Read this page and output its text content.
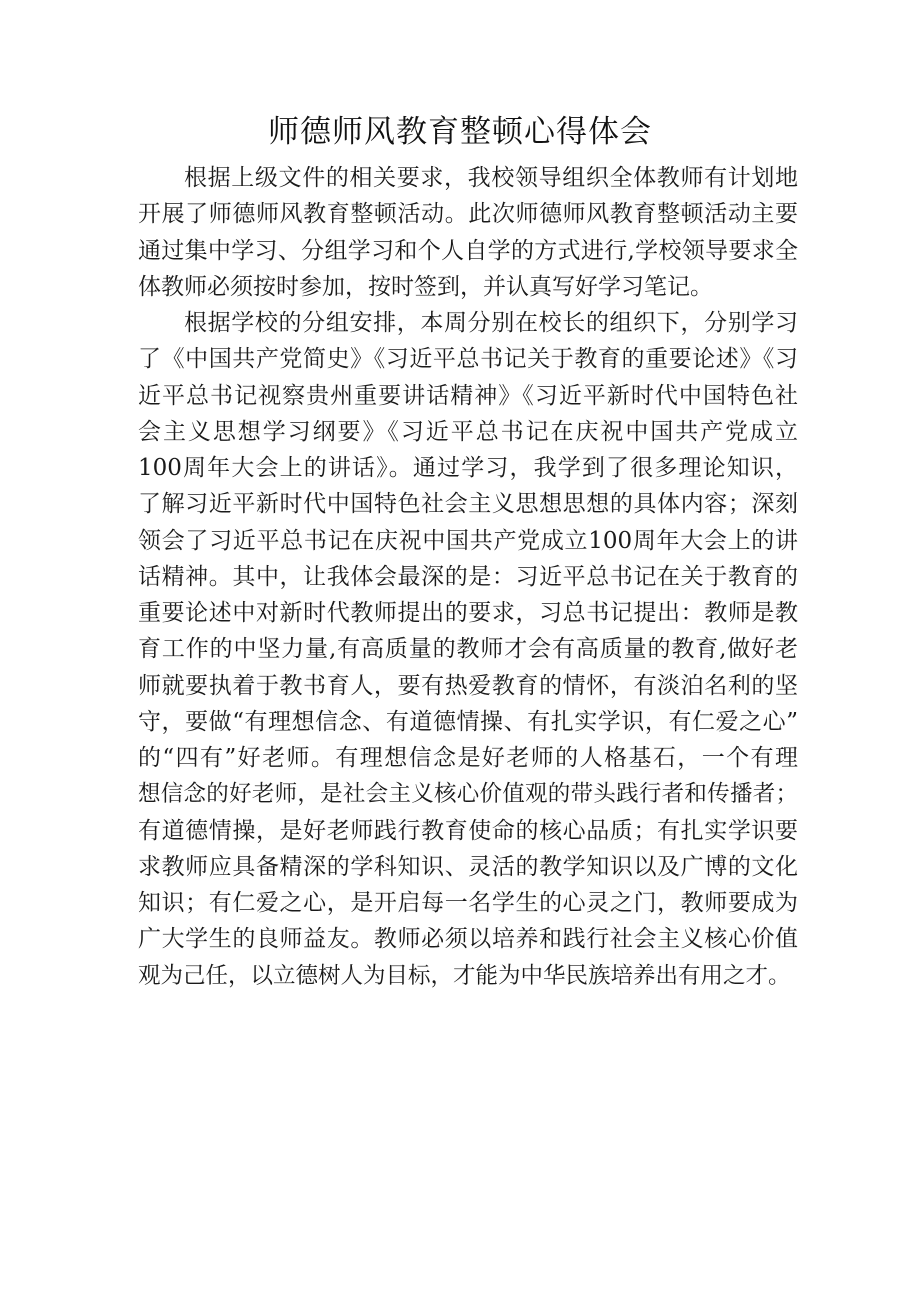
师德师风教育整顿心得体会
根据上级文件的相关要求，我校领导组织全体教师有计划地
开展了师德师风教育整顿活动。此次师德师风教育整顿活动主要
通过集中学习、分组学习和个人自学的方式进行,学校领导要求全
体教师必须按时参加，按时签到，并认真写好学习笔记。
根据学校的分组安排，本周分别在校长的组织下，分别学习
了《中国共产党简史》《习近平总书记关于教育的重要论述》《习
近平总书记视察贵州重要讲话精神》《习近平新时代中国特色社
会主义思想学习纲要》《习近平总书记在庆祝中国共产党成立
100周年大会上的讲话》。通过学习，我学到了很多理论知识，
了解习近平新时代中国特色社会主义思想思想的具体内容；深刻
领会了习近平总书记在庆祝中国共产党成立100周年大会上的讲
话精神。其中，让我体会最深的是：习近平总书记在关于教育的
重要论述中对新时代教师提出的要求，习总书记提出：教师是教
育工作的中坚力量,有高质量的教师才会有高质量的教育,做好老
师就要执着于教书育人，要有热爱教育的情怀，有淡泊名利的坚
守，要做“有理想信念、有道德情操、有扎实学识，有仁爱之心”
的“四有”好老师。有理想信念是好老师的人格基石，一个有理
想信念的好老师，是社会主义核心价值观的带头践行者和传播者；
有道德情操，是好老师践行教育使命的核心品质；有扎实学识要
求教师应具备精深的学科知识、灵活的教学知识以及广博的文化
知识；有仁爱之心，是开启每一名学生的心灵之门，教师要成为
广大学生的良师益友。教师必须以培养和践行社会主义核心价值
观为己任，以立德树人为目标，才能为中华民族培养出有用之才。
